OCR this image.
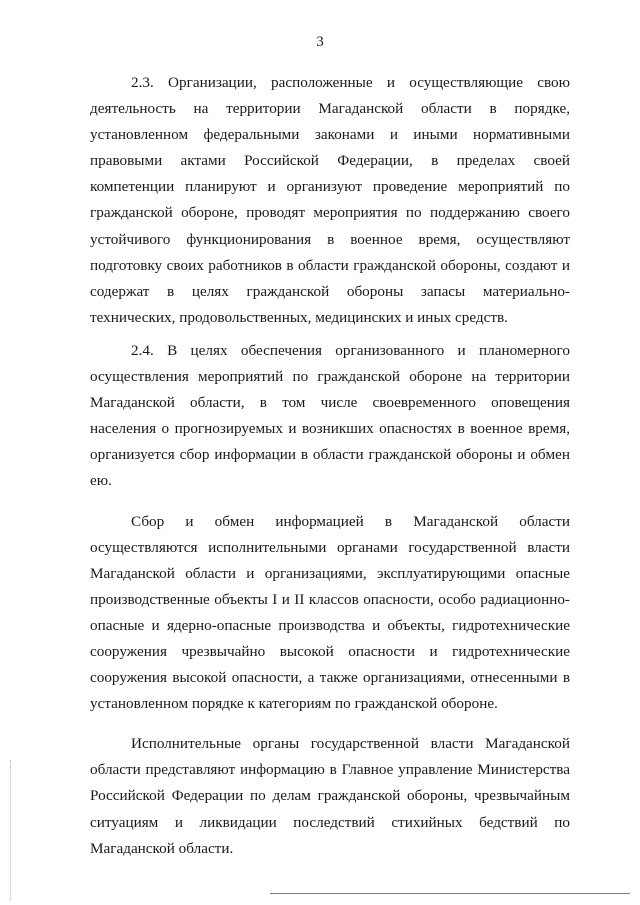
3

2.3. Организации, расположенные и осуществляющие свою деятельность на территории Магаданской области в порядке, установленном федеральными законами и иными нормативными правовыми актами Российской Федерации, в пределах своей компетенции планируют и организуют проведение мероприятий по гражданской обороне, проводят мероприятия по поддержанию своего устойчивого функционирования в военное время, осуществляют подготовку своих работников в области гражданской обороны, создают и содержат в целях гражданской обороны запасы материально-технических, продовольственных, медицинских и иных средств.

2.4. В целях обеспечения организованного и планомерного осуществления мероприятий по гражданской обороне на территории Магаданской области, в том числе своевременного оповещения населения о прогнозируемых и возникших опасностях в военное время, организуется сбор информации в области гражданской обороны и обмен ею.

Сбор и обмен информацией в Магаданской области осуществляются исполнительными органами государственной власти Магаданской области и организациями, эксплуатирующими опасные производственные объекты I и II классов опасности, особо радиационно-опасные и ядерно-опасные производства и объекты, гидротехнические сооружения чрезвычайно высокой опасности и гидротехнические сооружения высокой опасности, а также организациями, отнесенными в установленном порядке к категориям по гражданской обороне.

Исполнительные органы государственной власти Магаданской области представляют информацию в Главное управление Министерства Российской Федерации по делам гражданской обороны, чрезвычайным ситуациям и ликвидации последствий стихийных бедствий по Магаданской области.
